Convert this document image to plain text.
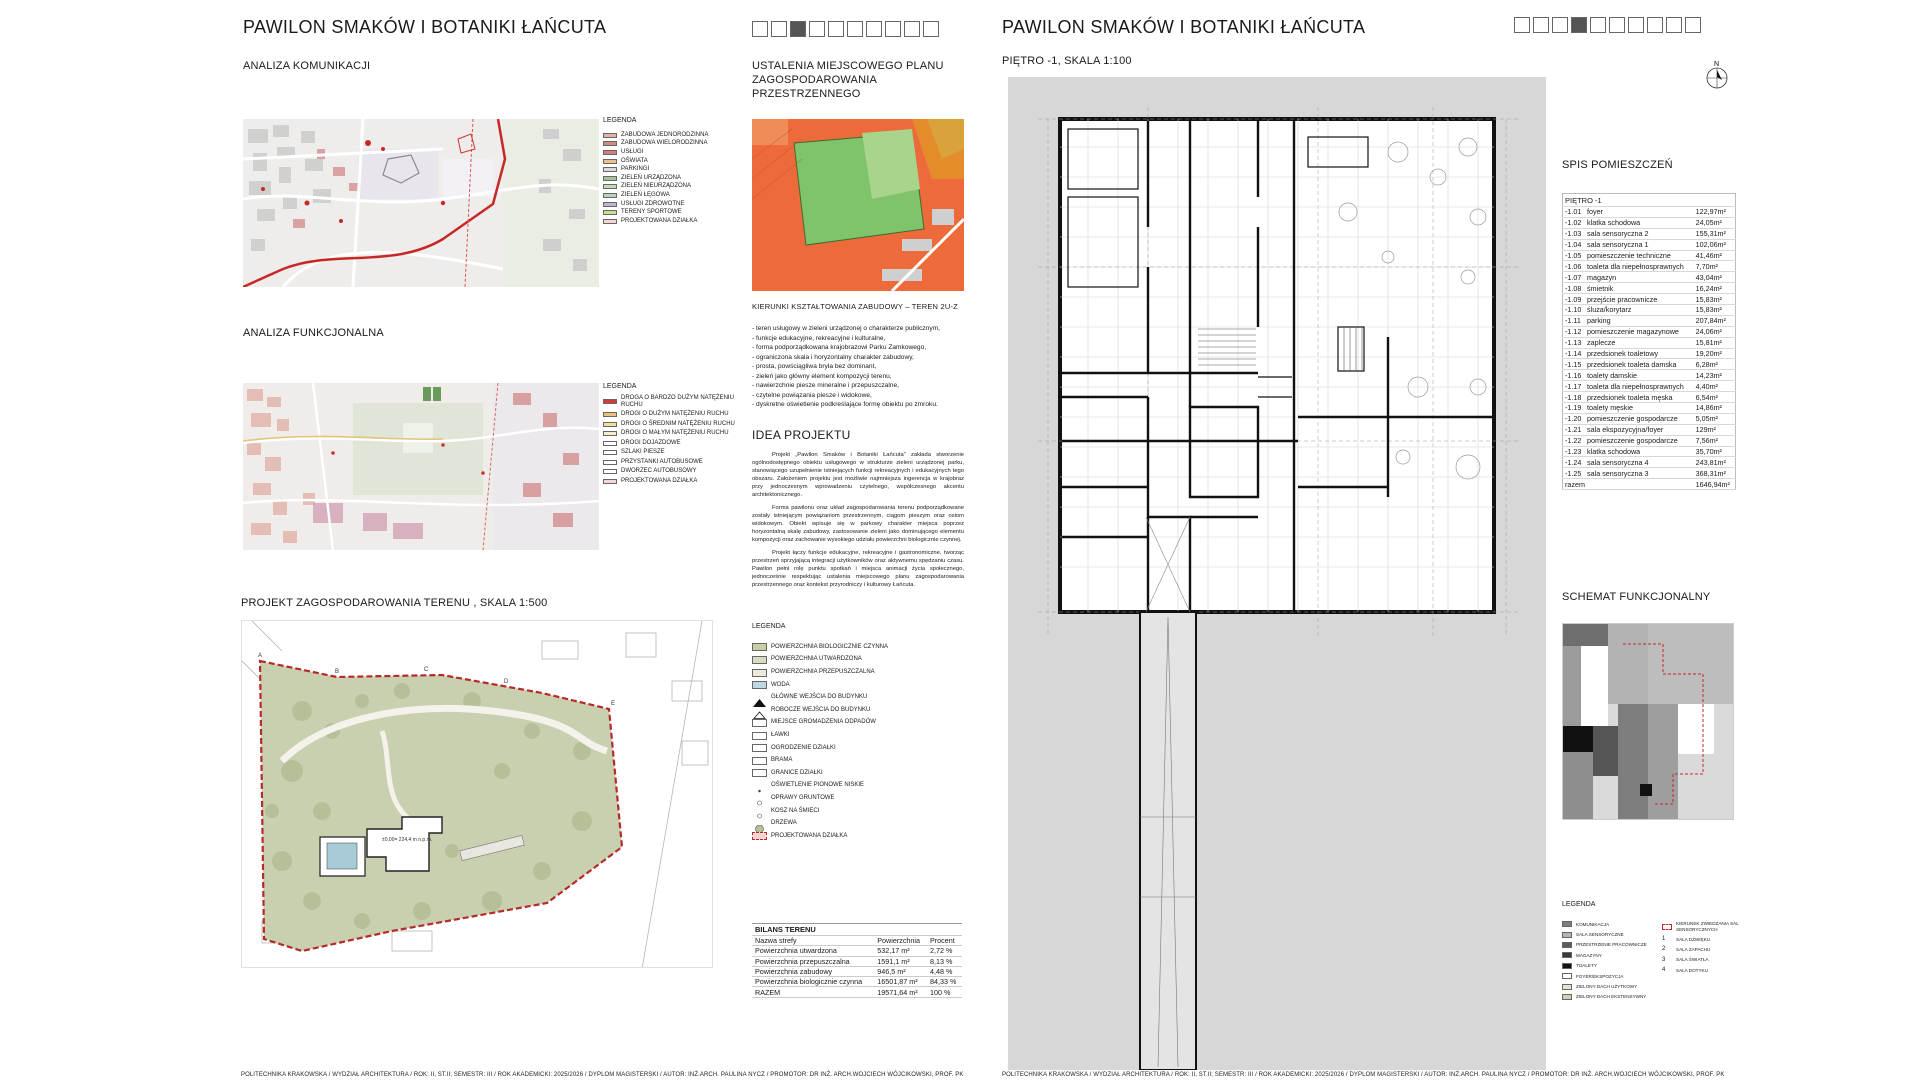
PAWILON SMAKÓW I BOTANIKI ŁAŃCUTA
ANALIZA KOMUNIKACJI
LEGENDA
ZABUDOWA JEDNORODZINNA
ZABUDOWA WIELORODZINNA
USŁUGI
OŚWIATA
PARKINGI
ZIELEŃ URZĄDZONA
ZIELEŃ NIEURZĄDZONA
ZIELEŃ ŁĘGOWA
USŁUGI ZDROWOTNE
TERENY SPORTOWE
PROJEKTOWANA DZIAŁKA
ANALIZA FUNKCJONALNA
LEGENDA
DROGA O BARDZO DUŻYM NATĘŻENIU RUCHU
DROGI O DUŻYM NATĘŻENIU RUCHU
DROGI O ŚREDNIM NATĘŻENIU RUCHU
DROGI O MAŁYM NATĘŻENIU RUCHU
DROGI DOJAZDOWE
SZLAKI PIESZE
PRZYSTANKI AUTOBUSOWE
DWORZEC AUTOBUSOWY
PROJEKTOWANA DZIAŁKA
PROJEKT ZAGOSPODAROWANIA TERENU , SKALA 1:500
A
B	C
D
E
±0,00= 224,4 m n.p.m.
USTALENIA MIEJSCOWEGO PLANU ZAGOSPODAROWANIA PRZESTRZENNEGO
KIERUNKI KSZTAŁTOWANIA ZABUDOWY – TEREN 2U-Z
- teren usługowy w zieleni urządzonej o charakterze publicznym,
- funkcje edukacyjne, rekreacyjne i kulturalne,
- forma podporządkowana krajobrazowi Parku Zamkowego,
- ograniczona skala i horyzontalny charakter zabudowy,
- prosta, powściągliwa bryła bez dominant,
- zieleń jako główny element kompozycji terenu,
- nawierzchnie piesze mineralne i przepuszczalne,
- czytelne powiązania piesze i widokowe,
- dyskretne oświetlenie podkreślające formę obiektu po zmroku.
IDEA PROJEKTU

Projekt „Pawilon Smaków i Botaniki Łańcuta” zakłada stworzenie ogólnodostępnego obiektu usługowego w strukturze zieleni urządzonej parku, stanowiącego uzupełnienie istniejących funkcji rekreacyjnych i edukacyjnych tego obszaru. Założeniem projektu jest możliwie najmniejsza ingerencja w krajobraz przy jednoczesnym wprowadzeniu czytelnego, współczesnego akcentu architektonicznego.

Forma pawilonu oraz układ zagospodarowania terenu podporządkowane zostały istniejącym powiązaniom przestrzennym, ciągom pieszym oraz osiom widokowym. Obiekt wpisuje się w parkowy charakter miejsca poprzez horyzontalną skalę zabudowy, zastosowanie zieleni jako dominującego elementu kompozycji oraz zachowanie wysokiego udziału powierzchni biologicznie czynnej.

Projekt łączy funkcje edukacyjne, rekreacyjne i gastronomiczne, tworząc przestrzeń sprzyjającą integracji użytkowników oraz aktywnemu spędzaniu czasu. Pawilon pełni rolę punktu spotkań i miejsca animacji życia społecznego, jednocześnie respektując ustalenia miejscowego planu zagospodarowania przestrzennego oraz kontekst przyrodniczy i kulturowy Łańcuta.

LEGENDA
POWIERZCHNIA BIOLOGICZNIE CZYNNA
POWIERZCHNIA UTWARDZONA
POWIERZCHNIA PRZEPUSZCZALNA
WODA
GŁÓWNE WEJŚCIA DO BUDYNKU
ROBOCZE WEJŚCIA DO BUDYNKU
MIEJSCE GROMADZENIA ODPADÓW
ŁAWKI
OGRODZENIE DZIAŁKI
BRAMA
GRANICE DZIAŁKI
OŚWIETLENIE PIONOWE NISKIE
OPRAWY GRUNTOWE
KOSZ NA ŚMIECI
DRZEWA
PROJEKTOWANA DZIAŁKA
BILANS TERENU		
Nazwa strefy	Powierzchnia	Procent
Powierzchnia utwardzona	532,17 m²	2,72 %
Powierzchnia przepuszczalna	1591,1 m²	8,13 %
Powierzchnia zabudowy	946,5 m²	4,48 %
Powierzchnia biologicznie czynna	16501,87 m²	84,33 %
RAZEM	19571,64 m²	100 %
POLITECHNIKA KRAKOWSKA / WYDZIAŁ ARCHITEKTURA / ROK: II, ST.II; SEMESTR: III / ROK AKADEMICKI: 2025/2026 / DYPLOM MAGISTERSKI / AUTOR: INŻ.ARCH. PAULINA NYCZ / PROMOTOR: DR INŻ. ARCH.WOJCIECH WÓJCIKOWSKI, PROF. PK
PAWILON SMAKÓW I BOTANIKI ŁAŃCUTA
PIĘTRO -1, SKALA 1:100	N
SPIS POMIESZCZEŃ
PIĘTRO -1		
-1.01	foyer	122,97m²
-1.02	klatka schodowa	24,05m²
-1.03	sala sensoryczna 2	155,31m²
-1.04	sala sensoryczna 1	102,06m²
-1.05	pomieszczenie techniczne	41,46m²
-1.06	toaleta dla niepełnosprawnych	7,70m²
-1.07	magazyn	43,04m²
-1.08	śmietnik	16,24m²
-1.09	przejście pracownicze	15,83m²
-1.10	śluza/korytarz	15,83m²
-1.11	parking	207,84m²
-1.12	pomieszczenie magazynowe	24,06m²
-1.13	zaplecze	15,81m²
-1.14	przedsionek toaletowy	19,20m²
-1.15	przedsionek toaleta damska	6,28m²
-1.16	toalety damskie	14,23m²
-1.17	toaleta dla niepełnosprawnych	4,40m²
-1.18	przedsionek toaleta męska	6,54m²
-1.19	toalety męskie	14,86m²
-1.20	pomieszczenie gospodarcze	5,05m²
-1.21	sala ekspozycyjna/foyer	129m²
-1.22	pomieszczenie gospodarcze	7,56m²
-1.23	klatka schodowa	35,70m²
-1.24	sala sensoryczna 4	243,81m²
-1.25	sala sensoryczna 3	368,31m²
razem		1646,94m²
SCHEMAT FUNKCJONALNY
LEGENDA
KOMUNIKACJA
SALA SENSORYCZNE
PRZESTRZENIE PRACOWNICZE
MAGAZYNY
TOALETY
FOYER/EKSPOZYCJA
ZIELONY DACH UŻYTKOWY
ZIELONY DACH EKSTENSYWNY
KIERUNEK ZWIEDZANIA SAL SENSORYCZNYCH
1	SALA DŹWIĘKU
2	SALA ZAPACHU
3	SALA ŚWIATŁA
4	SALA DOTYKU
POLITECHNIKA KRAKOWSKA / WYDZIAŁ ARCHITEKTURA / ROK: II, ST.II; SEMESTR: III / ROK AKADEMICKI: 2025/2026 / DYPLOM MAGISTERSKI / AUTOR: INŻ.ARCH. PAULINA NYCZ / PROMOTOR: DR INŻ. ARCH.WOJCIECH WÓJCIKOWSKI, PROF. PK
